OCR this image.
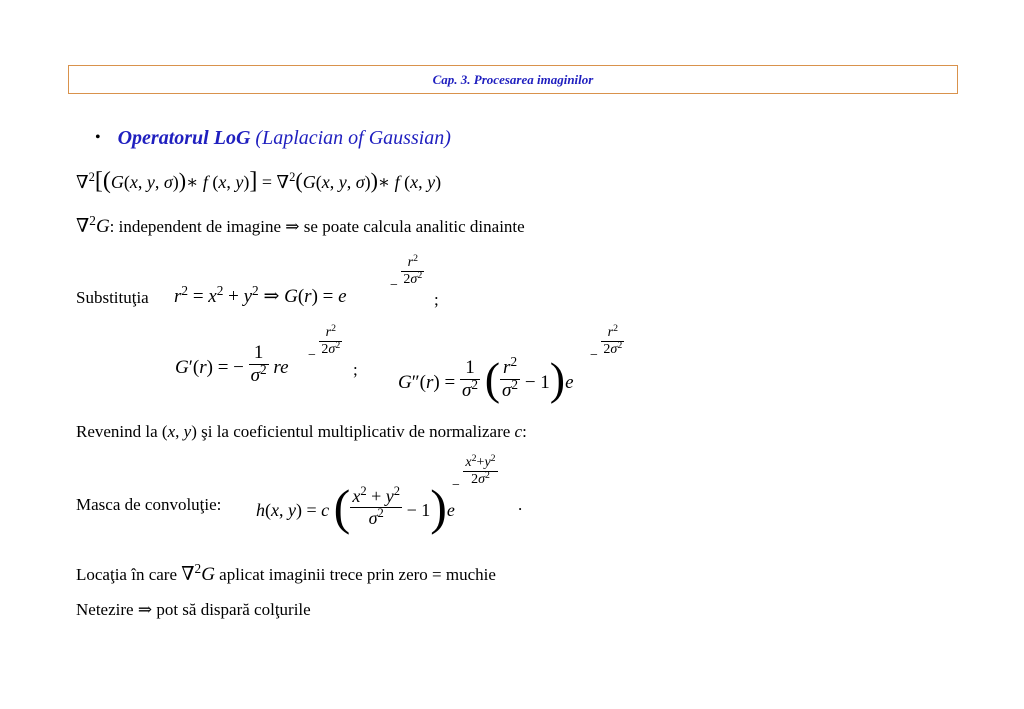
Cap. 3. Procesarea imaginilor
• Operatorul LoG (Laplacian of Gaussian)
∇$^2$[(G(x, y, σ))∗ f (x, y)] = ∇$^2$(G(x, y, σ))∗ f (x, y)
∇$^2$G: independent de imagine ⇒ se poate calcula analitic dinainte
Substituţia $r^2 = x^2 + y^2$ ⇒ G(r) = e
− $\frac{r^2}{2\sigma^2}$
;
G′(r) = − $\frac{1}{\sigma^2}$ re
− $\frac{r^2}{2\sigma^2}$
;
$G''(r) = \frac{1}{\sigma^2}$ ( $\frac{r^2}{\sigma^2} - 1)e$
− $\frac{r^2}{2\sigma^2}$
Revenind la (x, y) şi la coeficientul multiplicativ de normalizare c:
Masca de convoluţie: h(x, y) = c ( $\frac{x^2 + y^2}{\sigma^2} - 1)e$
− $\frac{x^2+y^2}{2\sigma^2}$
.
Locaţia în care ∇$^2$G aplicat imaginii trece prin zero = muchie
Netezire ⇒ pot să dispară colţurile
